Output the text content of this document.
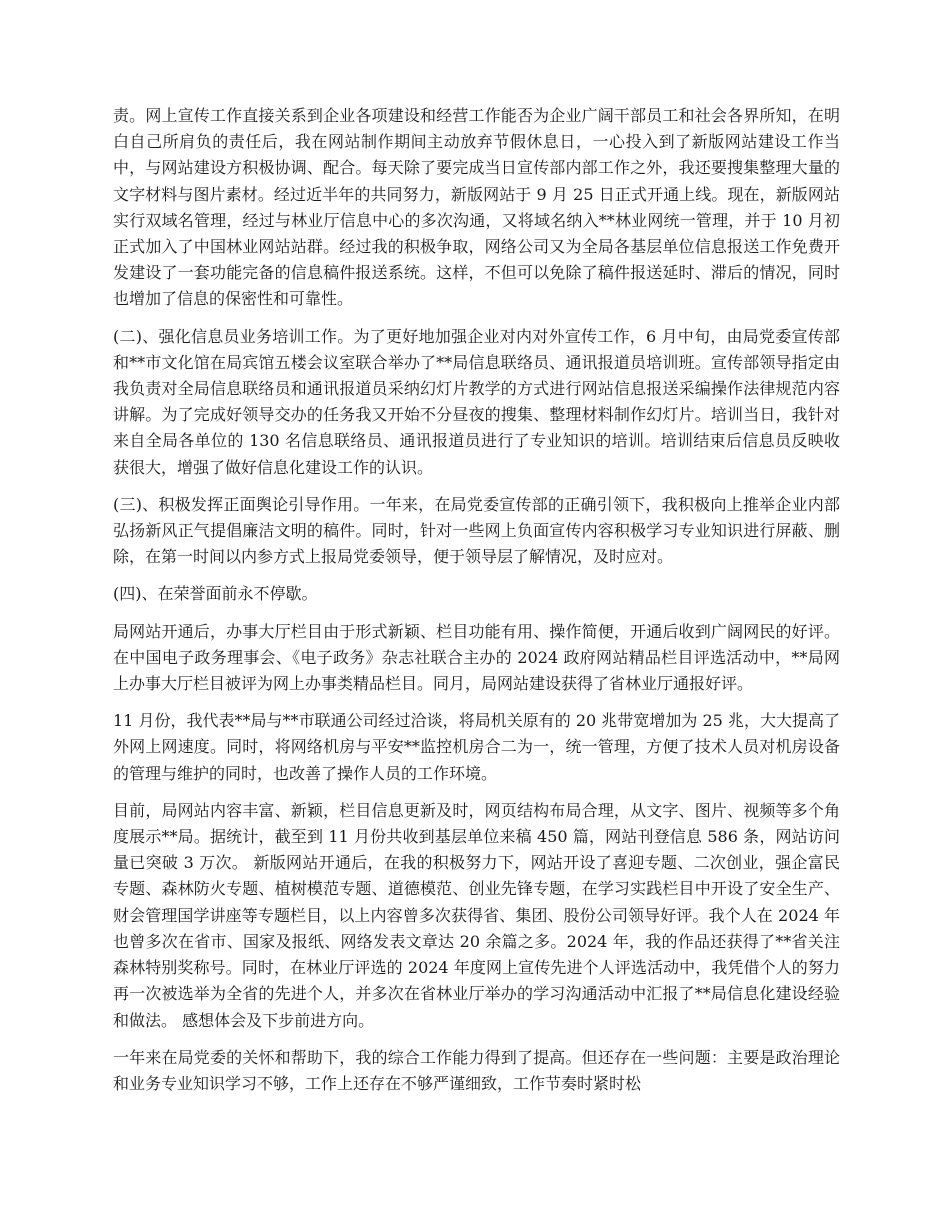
责。网上宣传工作直接关系到企业各项建设和经营工作能否为企业广阔干部员工和社会各界所知，在明白自己所肩负的责任后，我在网站制作期间主动放弃节假休息日，一心投入到了新版网站建设工作当中，与网站建设方积极协调、配合。每天除了要完成当日宣传部内部工作之外，我还要搜集整理大量的文字材料与图片素材。经过近半年的共同努力，新版网站于 9 月 25 日正式开通上线。现在，新版网站实行双域名管理，经过与林业厅信息中心的多次沟通，又将域名纳入**林业网统一管理，并于 10 月初正式加入了中国林业网站站群。经过我的积极争取，网络公司又为全局各基层单位信息报送工作免费开发建设了一套功能完备的信息稿件报送系统。这样，不但可以免除了稿件报送延时、滞后的情况，同时也增加了信息的保密性和可靠性。

(二)、强化信息员业务培训工作。为了更好地加强企业对内对外宣传工作，6 月中旬，由局党委宣传部和**市文化馆在局宾馆五楼会议室联合举办了**局信息联络员、通讯报道员培训班。宣传部领导指定由我负责对全局信息联络员和通讯报道员采纳幻灯片教学的方式进行网站信息报送采编操作法律规范内容讲解。为了完成好领导交办的任务我又开始不分昼夜的搜集、整理材料制作幻灯片。培训当日，我针对来自全局各单位的 130 名信息联络员、通讯报道员进行了专业知识的培训。培训结束后信息员反映收获很大，增强了做好信息化建设工作的认识。

(三)、积极发挥正面舆论引导作用。一年来，在局党委宣传部的正确引领下，我积极向上推举企业内部弘扬新风正气提倡廉洁文明的稿件。同时，针对一些网上负面宣传内容积极学习专业知识进行屏蔽、删除，在第一时间以内参方式上报局党委领导，便于领导层了解情况，及时应对。

(四)、在荣誉面前永不停歇。

局网站开通后，办事大厅栏目由于形式新颖、栏目功能有用、操作简便，开通后收到广阔网民的好评。在中国电子政务理事会、《电子政务》杂志社联合主办的 2024 政府网站精品栏目评选活动中，**局网上办事大厅栏目被评为网上办事类精品栏目。同月，局网站建设获得了省林业厅通报好评。

11 月份，我代表**局与**市联通公司经过洽谈，将局机关原有的 20 兆带宽增加为 25 兆，大大提高了外网上网速度。同时，将网络机房与平安**监控机房合二为一，统一管理，方便了技术人员对机房设备的管理与维护的同时，也改善了操作人员的工作环境。

目前，局网站内容丰富、新颖，栏目信息更新及时，网页结构布局合理，从文字、图片、视频等多个角度展示**局。据统计，截至到 11 月份共收到基层单位来稿 450 篇，网站刊登信息 586 条，网站访问量已突破 3 万次。 新版网站开通后，在我的积极努力下，网站开设了喜迎专题、二次创业，强企富民专题、森林防火专题、植树模范专题、道德模范、创业先锋专题，在学习实践栏目中开设了安全生产、财会管理国学讲座等专题栏目，以上内容曾多次获得省、集团、股份公司领导好评。我个人在 2024 年也曾多次在省市、国家及报纸、网络发表文章达 20 余篇之多。2024 年，我的作品还获得了**省关注森林特别奖称号。同时，在林业厅评选的 2024 年度网上宣传先进个人评选活动中，我凭借个人的努力再一次被选举为全省的先进个人，并多次在省林业厅举办的学习沟通活动中汇报了**局信息化建设经验和做法。 感想体会及下步前进方向。

一年来在局党委的关怀和帮助下，我的综合工作能力得到了提高。但还存在一些问题：主要是政治理论和业务专业知识学习不够，工作上还存在不够严谨细致，工作节奏时紧时松
